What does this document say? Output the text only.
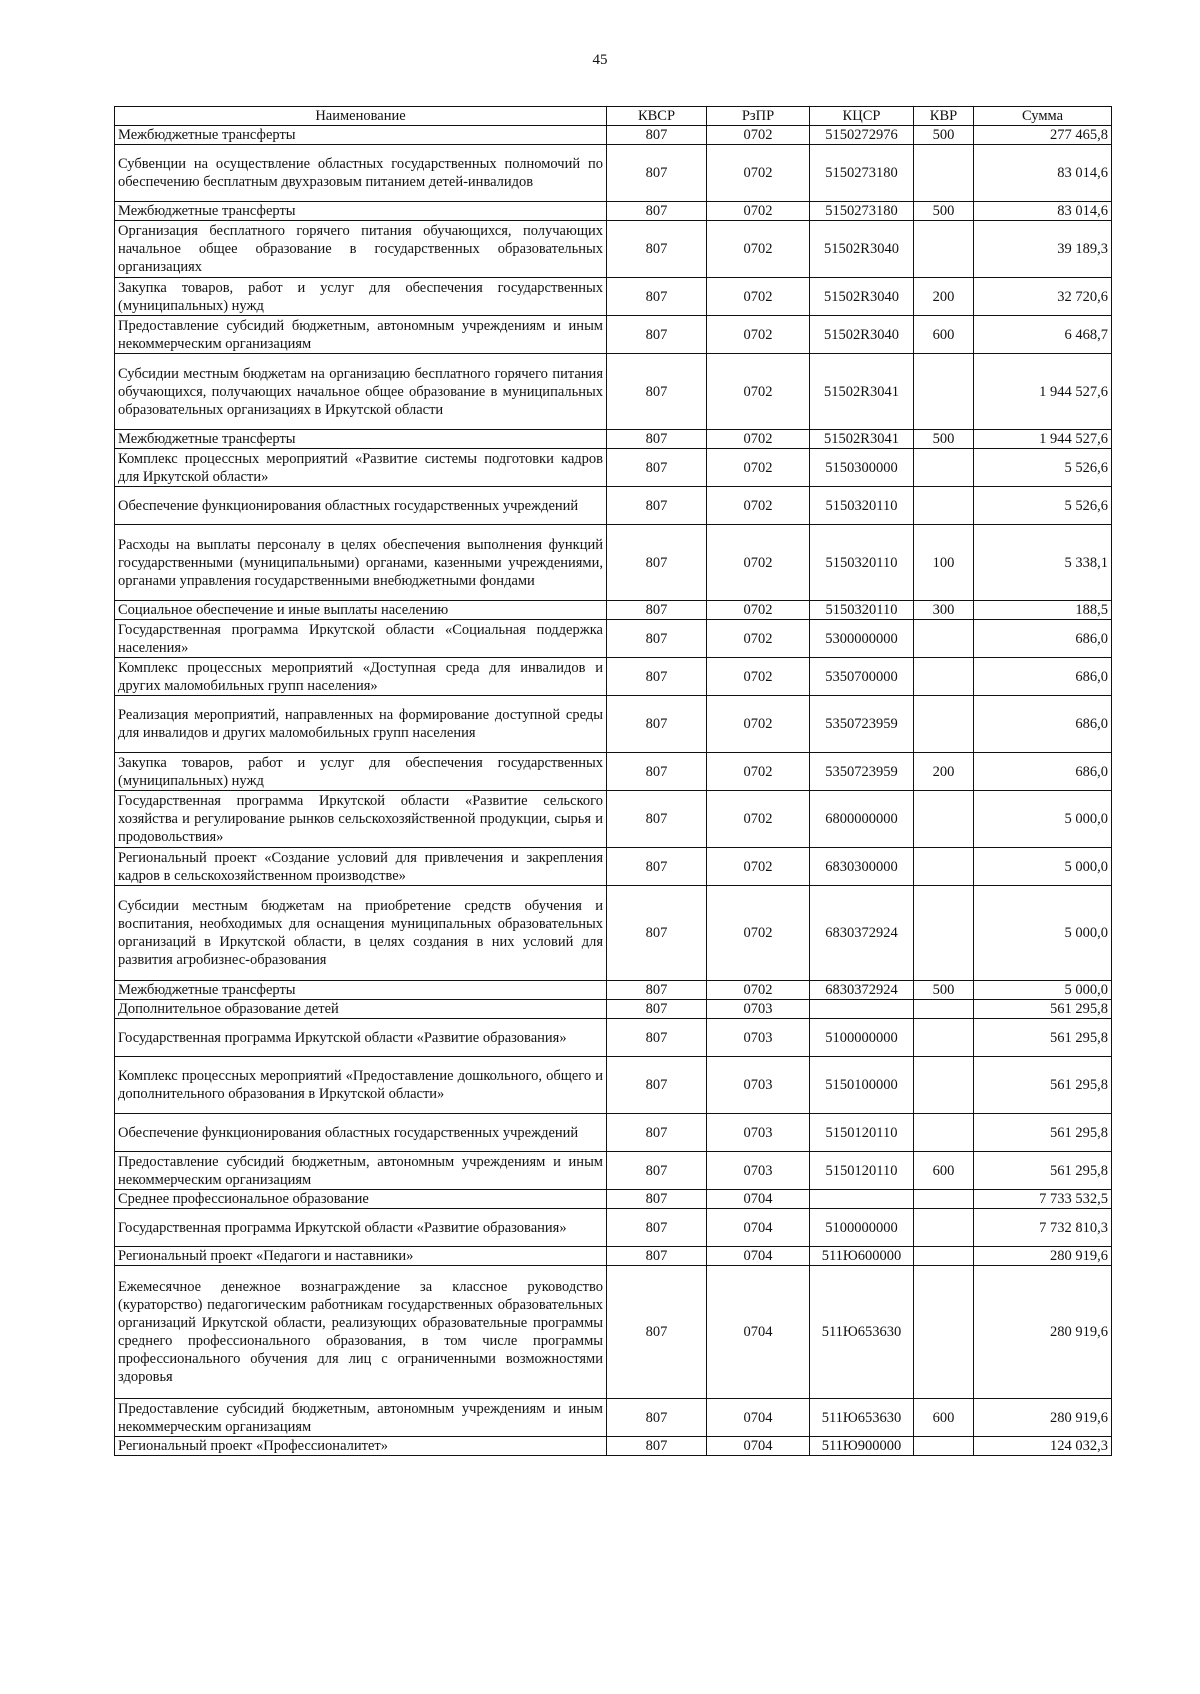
45
Наименование	КВСР	РзПР	КЦСР	КВР	Сумма
Межбюджетные трансферты	807	0702	5150272976	500	277 465,8
Субвенции на осуществление областных государственных полномочий по обеспечению бесплатным двухразовым питанием детей-инвалидов	807	0702	5150273180		83 014,6
Межбюджетные трансферты	807	0702	5150273180	500	83 014,6
Организация бесплатного горячего питания обучающихся, получающих начальное общее образование в государственных образовательных организациях	807	0702	51502R3040		39 189,3
Закупка товаров, работ и услуг для обеспечения государственных (муниципальных) нужд	807	0702	51502R3040	200	32 720,6
Предоставление субсидий бюджетным, автономным учреждениям и иным некоммерческим организациям	807	0702	51502R3040	600	6 468,7
Субсидии местным бюджетам на организацию бесплатного горячего питания обучающихся, получающих начальное общее образование в муниципальных образовательных организациях в Иркутской области	807	0702	51502R3041		1 944 527,6
Межбюджетные трансферты	807	0702	51502R3041	500	1 944 527,6
Комплекс процессных мероприятий «Развитие системы подготовки кадров для Иркутской области»	807	0702	5150300000		5 526,6
Обеспечение функционирования областных государственных учреждений	807	0702	5150320110		5 526,6
Расходы на выплаты персоналу в целях обеспечения выполнения функций государственными (муниципальными) органами, казенными учреждениями, органами управления государственными внебюджетными фондами	807	0702	5150320110	100	5 338,1
Социальное обеспечение и иные выплаты населению	807	0702	5150320110	300	188,5
Государственная программа Иркутской области «Социальная поддержка населения»	807	0702	5300000000		686,0
Комплекс процессных мероприятий «Доступная среда для инвалидов и других маломобильных групп населения»	807	0702	5350700000		686,0
Реализация мероприятий, направленных на формирование доступной среды для инвалидов и других маломобильных групп населения	807	0702	5350723959		686,0
Закупка товаров, работ и услуг для обеспечения государственных (муниципальных) нужд	807	0702	5350723959	200	686,0
Государственная программа Иркутской области «Развитие сельского хозяйства и регулирование рынков сельскохозяйственной продукции, сырья и продовольствия»	807	0702	6800000000		5 000,0
Региональный проект «Создание условий для привлечения и закрепления кадров в сельскохозяйственном производстве»	807	0702	6830300000		5 000,0
Субсидии местным бюджетам на приобретение средств обучения и воспитания, необходимых для оснащения муниципальных образовательных организаций в Иркутской области, в целях создания в них условий для развития агробизнес-образования	807	0702	6830372924		5 000,0
Межбюджетные трансферты	807	0702	6830372924	500	5 000,0
Дополнительное образование детей	807	0703			561 295,8
Государственная программа Иркутской области «Развитие образования»	807	0703	5100000000		561 295,8
Комплекс процессных мероприятий «Предоставление дошкольного, общего и дополнительного образования в Иркутской области»	807	0703	5150100000		561 295,8
Обеспечение функционирования областных государственных учреждений	807	0703	5150120110		561 295,8
Предоставление субсидий бюджетным, автономным учреждениям и иным некоммерческим организациям	807	0703	5150120110	600	561 295,8
Среднее профессиональное образование	807	0704			7 733 532,5
Государственная программа Иркутской области «Развитие образования»	807	0704	5100000000		7 732 810,3
Региональный проект «Педагоги и наставники»	807	0704	511Ю600000		280 919,6
Ежемесячное денежное вознаграждение за классное руководство (кураторство) педагогическим работникам государственных образовательных организаций Иркутской области, реализующих образовательные программы среднего профессионального образования, в том числе программы профессионального обучения для лиц с ограниченными возможностями здоровья	807	0704	511Ю653630		280 919,6
Предоставление субсидий бюджетным, автономным учреждениям и иным некоммерческим организациям	807	0704	511Ю653630	600	280 919,6
Региональный проект «Профессионалитет»	807	0704	511Ю900000		124 032,3
